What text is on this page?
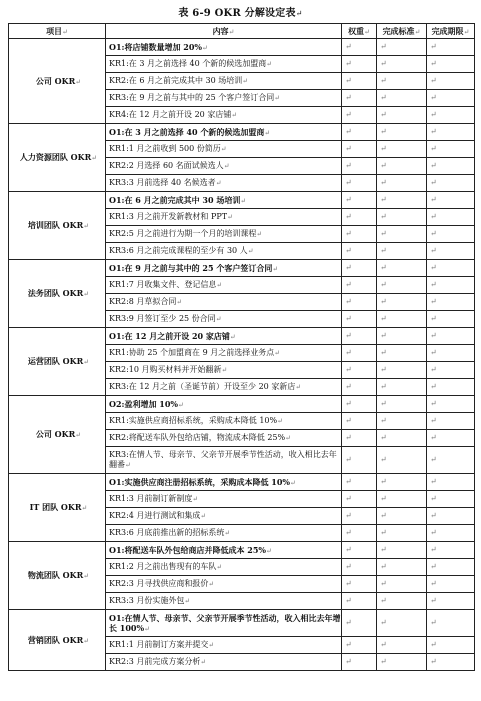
表 6-9 OKR 分解设定表↵
项目↵	内容↵	权重↵	完成标准↵	完成期限↵
公司 OKR↵	O1:将店铺数量增加 20%↵	↵	↵	↵
	KR1:在 3 月之前选择 40 个新的候选加盟商↵	↵	↵	↵
	KR2:在 6 月之前完成其中 30 场培训↵	↵	↵	↵
	KR3:在 9 月之前与其中的 25 个客户签订合同↵	↵	↵	↵
	KR4:在 12 月之前开设 20 家店铺↵	↵	↵	↵
人力资源团队 OKR↵	O1:在 3 月之前选择 40 个新的候选加盟商↵	↵	↵	↵
	KR1:1 月之前收到 500 份简历↵	↵	↵	↵
	KR2:2 月选择 60 名面试候选人↵	↵	↵	↵
	KR3:3 月前选择 40 名候选者↵	↵	↵	↵
培训团队 OKR↵	O1:在 6 月之前完成其中 30 场培训↵	↵	↵	↵
	KR1:3 月之前开发新教材和 PPT↵	↵	↵	↵
	KR2:5 月之前进行为期一个月的培训课程↵	↵	↵	↵
	KR3:6 月之前完成课程的至少有 30 人↵	↵	↵	↵
法务团队 OKR↵	O1:在 9 月之前与其中的 25 个客户签订合同↵	↵	↵	↵
	KR1:7 月收集文件、登记信息↵	↵	↵	↵
	KR2:8 月草拟合同↵	↵	↵	↵
	KR3:9 月签订至少 25 份合同↵	↵	↵	↵
运营团队 OKR↵	O1:在 12 月之前开设 20 家店铺↵	↵	↵	↵
	KR1:协助 25 个加盟商在 9 月之前选择业务点↵	↵	↵	↵
	KR2:10 月购买材料并开始翻新↵	↵	↵	↵
	KR3:在 12 月之前（圣诞节前）开设至少 20 家新店↵	↵	↵	↵
公司 OKR↵	O2:盈利增加 10%↵	↵	↵	↵
	KR1:实施供应商招标系统，采购成本降低 10%↵	↵	↵	↵
	KR2:将配送车队外包给店铺，物流成本降低 25%↵	↵	↵	↵
	KR3:在情人节、母亲节、父亲节开展季节性活动，收入相比去年翻番↵	↵	↵	↵
IT 团队 OKR↵	O1:实施供应商注册招标系统，采购成本降低 10%↵	↵	↵	↵
	KR1:3 月前制订新制度↵	↵	↵	↵
	KR2:4 月进行测试和集成↵	↵	↵	↵
	KR3:6 月底前推出新的招标系统↵	↵	↵	↵
物流团队 OKR↵	O1:将配送车队外包给商店并降低成本 25%↵	↵	↵	↵
	KR1:2 月之前出售现有的车队↵	↵	↵	↵
	KR2:3 月寻找供应商和报价↵	↵	↵	↵
	KR3:3 月份实施外包↵	↵	↵	↵
营销团队 OKR↵	O1:在情人节、母亲节、父亲节开展季节性活动，收入相比去年增长 100%↵	↵	↵	↵
	KR1:1 月前制订方案并提交↵	↵	↵	↵
	KR2:3 月前完成方案分析↵	↵	↵	↵
